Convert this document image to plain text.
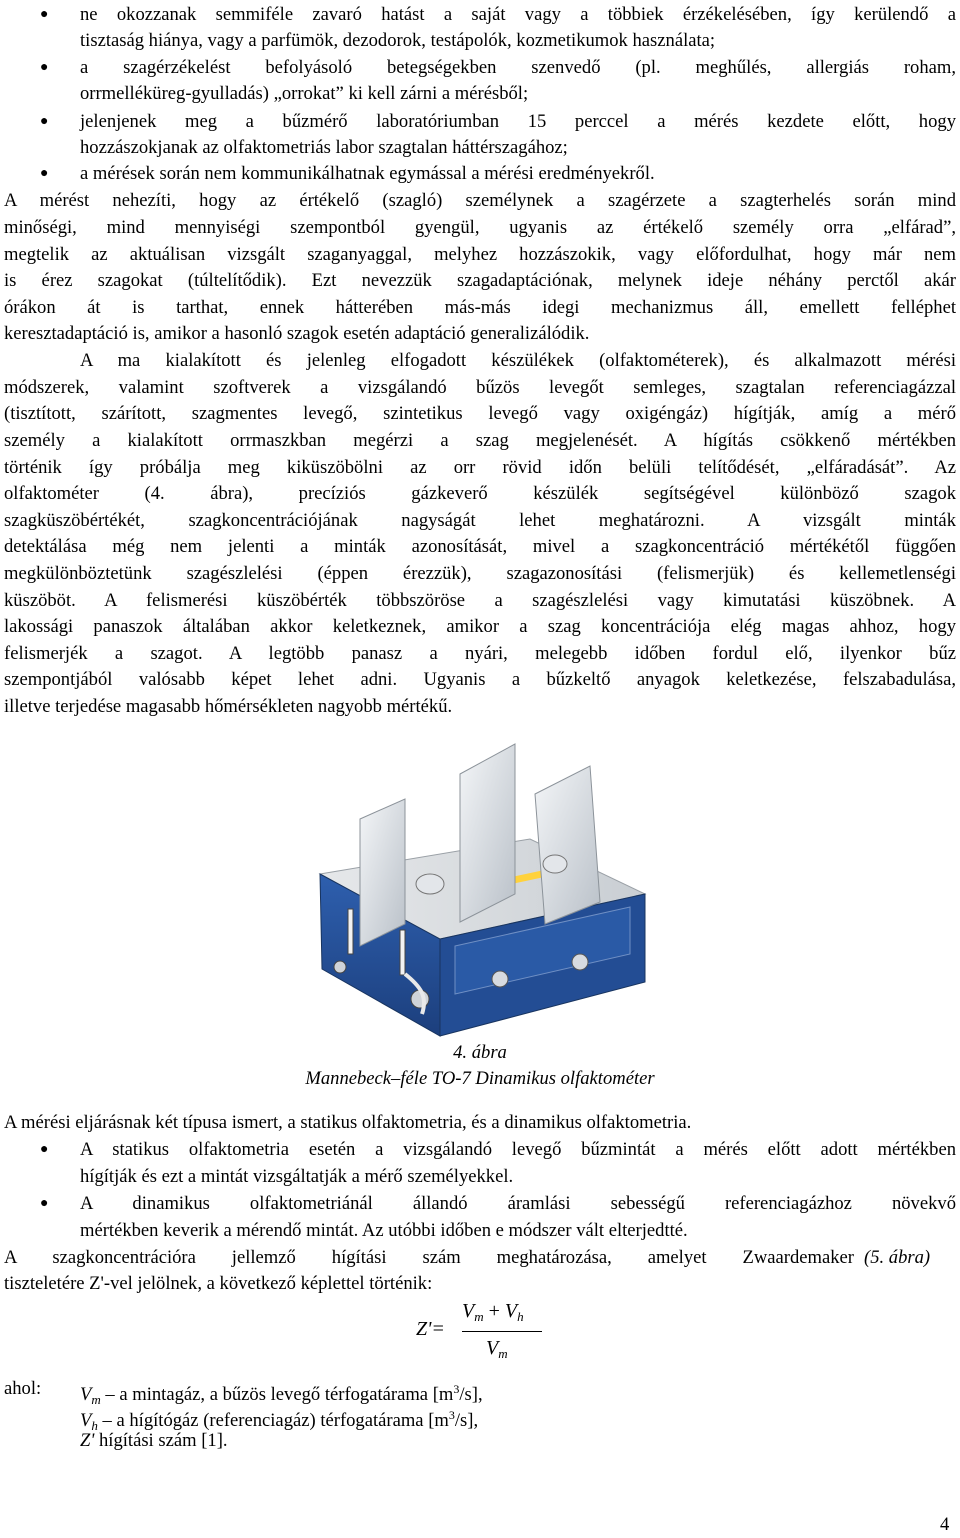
● ne okozzanak semmiféle zavaró hatást a saját vagy a többiek érzékelésében, így kerülendő a
tisztaság hiánya, vagy a parfümök, dezodorok, testápolók, kozmetikumok használata;
● a szagérzékelést befolyásoló betegségekben szenvedő (pl. meghűlés, allergiás roham,
orrmelléküreg-gyulladás) „orrokat” ki kell zárni a mérésből;
● jelenjenek meg a bűzmérő laboratóriumban 15 perccel a mérés kezdete előtt, hogy
hozzászokjanak az olfaktometriás labor szagtalan háttérszagához;
● a mérések során nem kommunikálhatnak egymással a mérési eredményekről.
A mérést nehezíti, hogy az értékelő (szagló) személynek a szagérzete a szagterhelés során mind
minőségi, mind mennyiségi szempontból gyengül, ugyanis az értékelő személy orra „elfárad”,
megtelik az aktuálisan vizsgált szaganyaggal, melyhez hozzászokik, vagy előfordulhat, hogy már nem
is érez szagokat (túltelítődik). Ezt nevezzük szagadaptációnak, melynek ideje néhány perctől akár
órákon át is tarthat, ennek hátterében más-más idegi mechanizmus áll, emellett felléphet
keresztadaptáció is, amikor a hasonló szagok esetén adaptáció generalizálódik.
A ma kialakított és jelenleg elfogadott készülékek (olfaktométerek), és alkalmazott mérési
módszerek, valamint szoftverek a vizsgálandó bűzös levegőt semleges, szagtalan referenciagázzal
(tisztított, szárított, szagmentes levegő, szintetikus levegő vagy oxigéngáz) hígítják, amíg a mérő
személy a kialakított orrmaszkban megérzi a szag megjelenését. A hígítás csökkenő mértékben
történik így próbálja meg kiküszöbölni az orr rövid időn belüli telítődését, „elfáradását”. Az
olfaktométer (4. ábra), precíziós gázkeverő készülék segítségével különböző szagok
szagküszöbértékét, szagkoncentrációjának nagyságát lehet meghatározni. A vizsgált minták
detektálása még nem jelenti a minták azonosítását, mivel a szagkoncentráció mértékétől függően
megkülönböztetünk szagészlelési (éppen érezzük), szagazonosítási (felismerjük) és kellemetlenségi
küszöböt. A felismerési küszöbérték többszöröse a szagészlelési vagy kimutatási küszöbnek. A
lakossági panaszok általában akkor keletkeznek, amikor a szag koncentrációja elég magas ahhoz, hogy
felismerjék a szagot. A legtöbb panasz a nyári, melegebb időben fordul elő, ilyenkor bűz
szempontjából valósabb képet lehet adni. Ugyanis a bűzkeltő anyagok keletkezése, felszabadulása,
illetve terjedése magasabb hőmérsékleten nagyobb mértékű.
4. ábra
Mannebeck–féle TO-7 Dinamikus olfaktométer
A mérési eljárásnak két típusa ismert, a statikus olfaktometria, és a dinamikus olfaktometria.
● A statikus olfaktometria esetén a vizsgálandó levegő bűzmintát a mérés előtt adott mértékben
hígítják és ezt a mintát vizsgáltatják a mérő személyekkel.
● A dinamikus olfaktometriánál állandó áramlási sebességű referenciagázhoz növekvő
mértékben keverik a mérendő mintát. Az utóbbi időben e módszer vált elterjedtté.
A szagkoncentrációra jellemző hígítási szám meghatározása, amelyet Zwaardemaker (5. ábra)
tiszteletére Z'-vel jelölnek, a következő képlettel történik:
Z'=
$V_m + V_h$
$V_m$
ahol: $V_m$ – a mintagáz, a bűzös levegő térfogatárama $[m^3/s]$,
$V_h$ – a hígítógáz (referenciagáz) térfogatárama $[m^3/s]$,
Z' hígítási szám [1].
4
